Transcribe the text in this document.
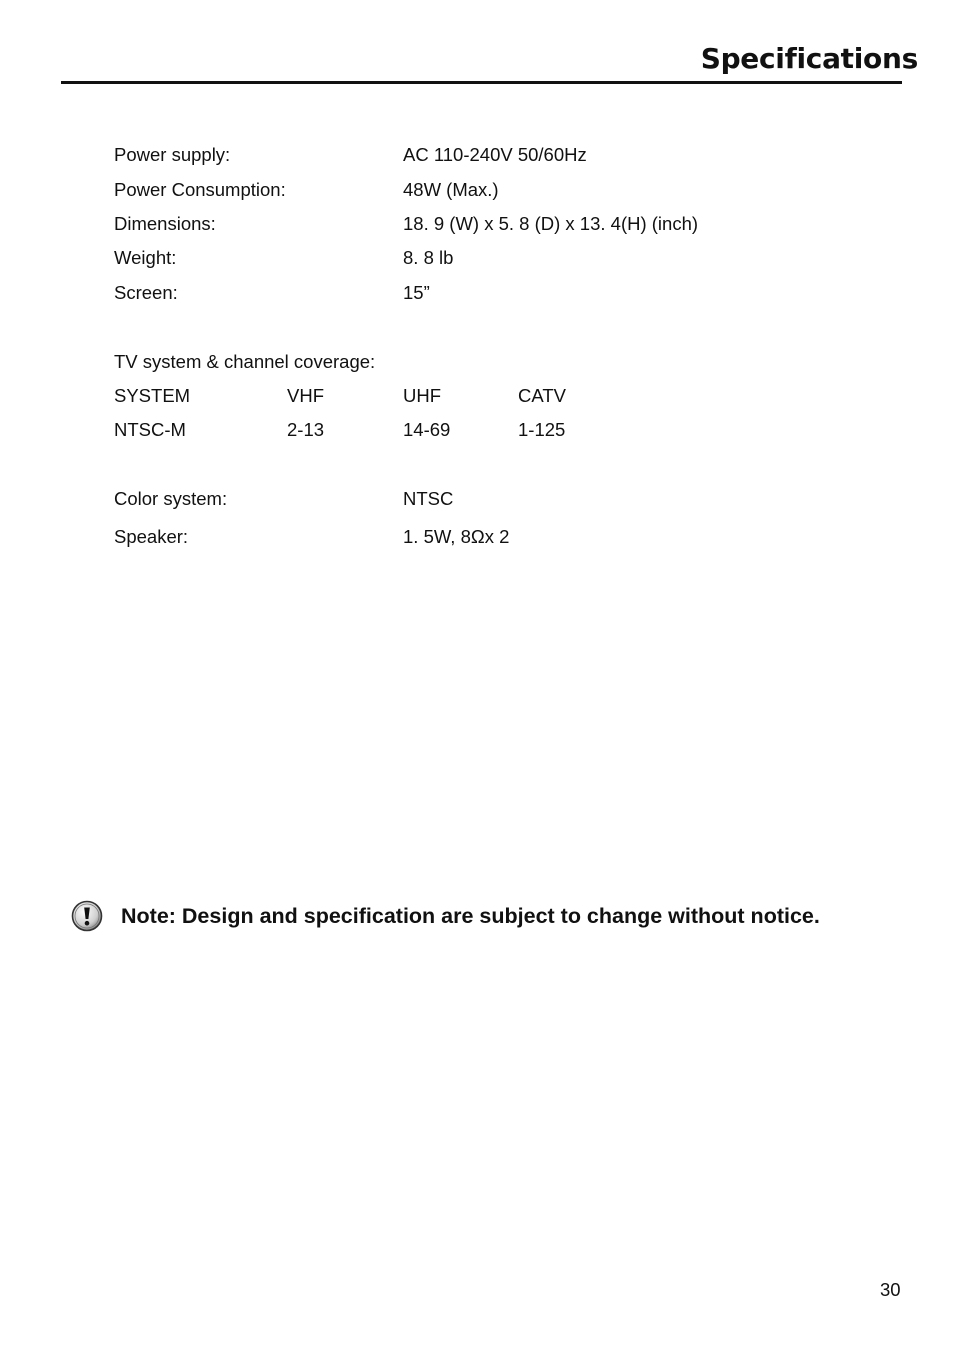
Specifications
Power supply:	AC 110-240V 50/60Hz
Power Consumption:	48W (Max.)
Dimensions:	18. 9 (W) x 5. 8 (D) x 13. 4(H) (inch)
Weight:	8. 8 lb
Screen:	15”
TV system & channel coverage:
SYSTEM	VHF	UHF	CATV
NTSC-M	2-13	14-69	1-125
Color system:	NTSC
Speaker:	1. 5W, 8Ωx 2
Note: Design and specification are subject to change without notice.
30
